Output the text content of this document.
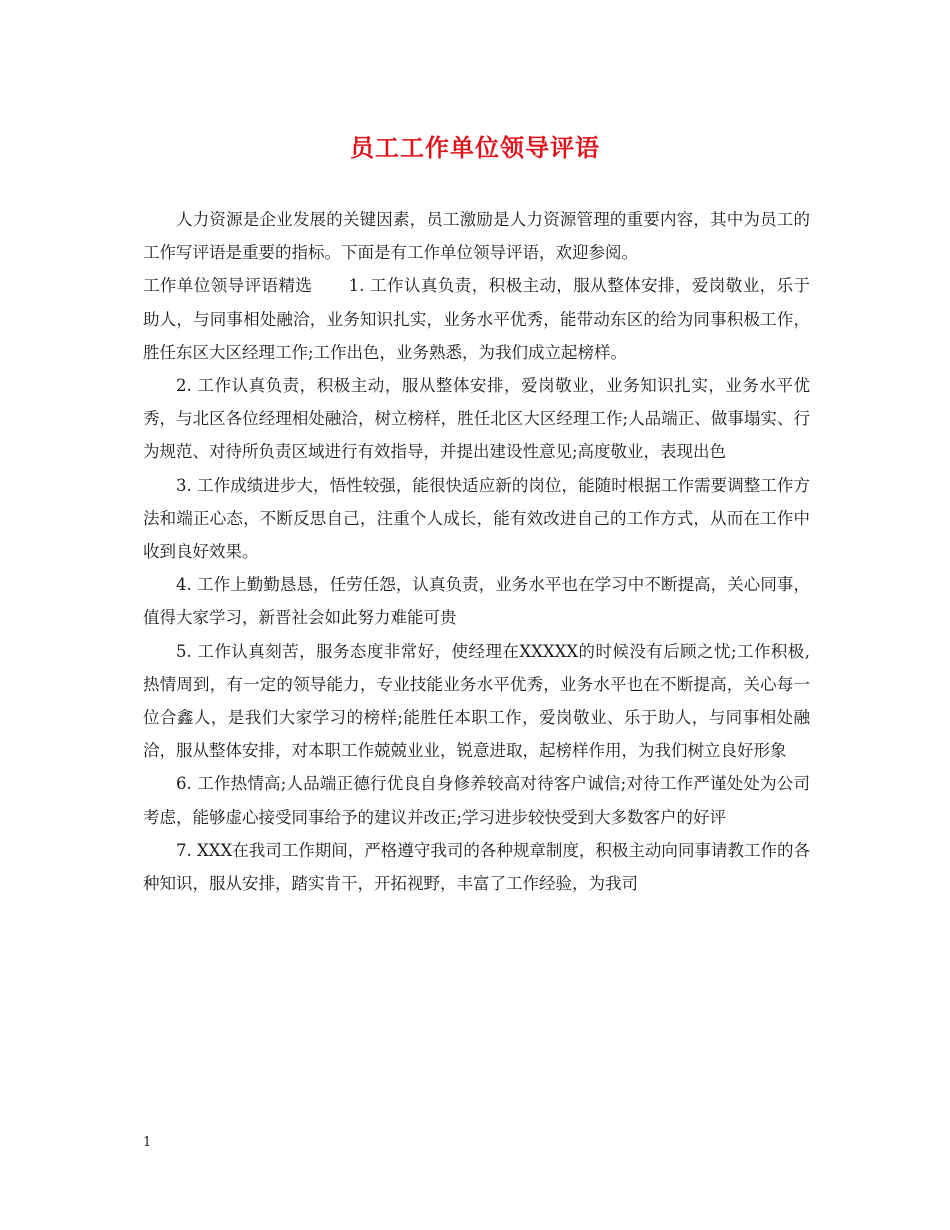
员工工作单位领导评语

人力资源是企业发展的关键因素，员工激励是人力资源管理的重要内容，其中为员工的工作写评语是重要的指标。下面是有工作单位领导评语，欢迎参阅。

工作单位领导评语精选 1. 工作认真负责，积极主动，服从整体安排，爱岗敬业，乐于助人，与同事相处融洽，业务知识扎实，业务水平优秀，能带动东区的给为同事积极工作，胜任东区大区经理工作;工作出色，业务熟悉，为我们成立起榜样。

2. 工作认真负责，积极主动，服从整体安排，爱岗敬业，业务知识扎实，业务水平优秀，与北区各位经理相处融洽，树立榜样，胜任北区大区经理工作;人品端正、做事塌实、行为规范、对待所负责区域进行有效指导，并提出建设性意见;高度敬业，表现出色

3. 工作成绩进步大，悟性较强，能很快适应新的岗位，能随时根据工作需要调整工作方法和端正心态，不断反思自己，注重个人成长，能有效改进自己的工作方式，从而在工作中收到良好效果。

4. 工作上勤勤恳恳，任劳任怨，认真负责，业务水平也在学习中不断提高，关心同事，值得大家学习，新晋社会如此努力难能可贵

5. 工作认真刻苦，服务态度非常好，使经理在XXXXX的时候没有后顾之忧;工作积极,热情周到，有一定的领导能力，专业技能业务水平优秀，业务水平也在不断提高，关心每一位合鑫人，是我们大家学习的榜样;能胜任本职工作，爱岗敬业、乐于助人，与同事相处融洽，服从整体安排，对本职工作兢兢业业，锐意进取，起榜样作用，为我们树立良好形象

6. 工作热情高;人品端正德行优良自身修养较高对待客户诚信;对待工作严谨处处为公司考虑，能够虚心接受同事给予的建议并改正;学习进步较快受到大多数客户的好评

7. XXX在我司工作期间，严格遵守我司的各种规章制度，积极主动向同事请教工作的各种知识，服从安排，踏实肯干，开拓视野，丰富了工作经验，为我司

1
